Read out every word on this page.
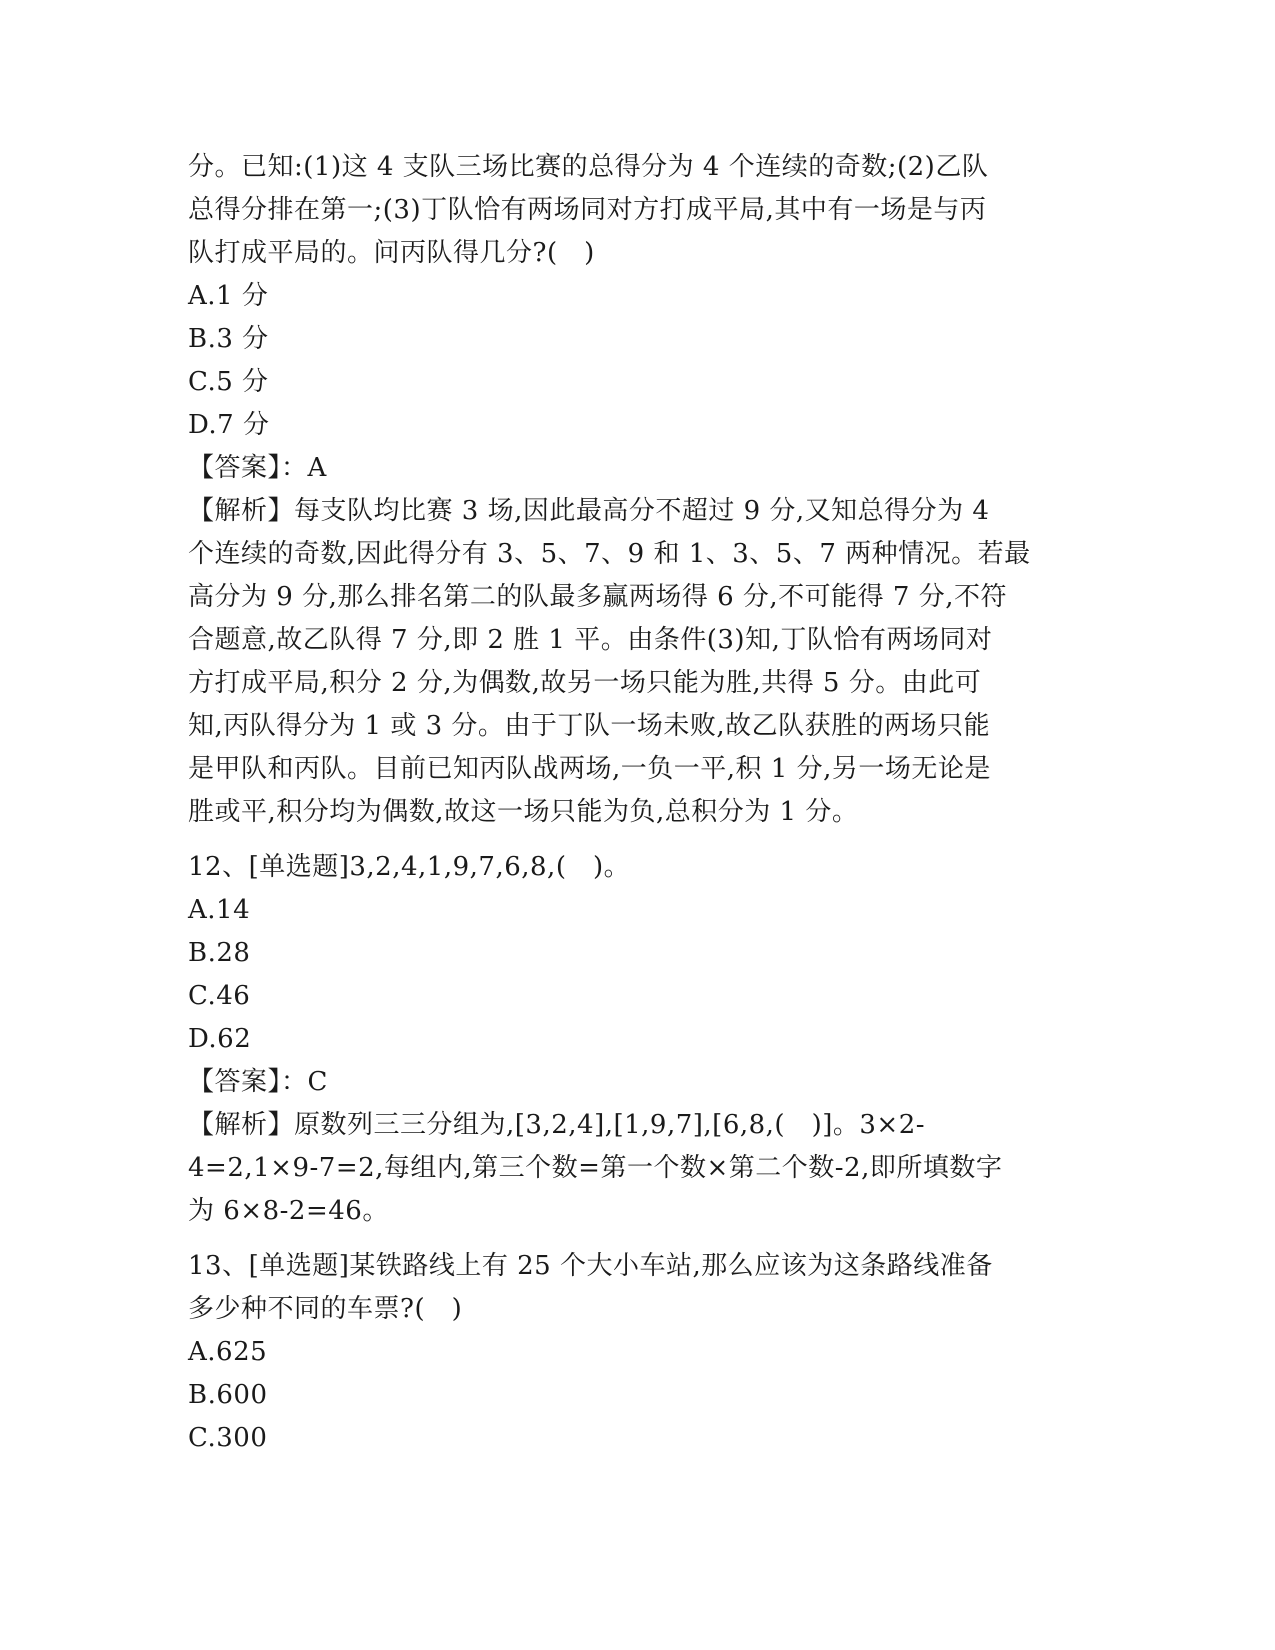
分。已知:(1)这 4 支队三场比赛的总得分为 4 个连续的奇数;(2)乙队
总得分排在第一;(3)丁队恰有两场同对方打成平局,其中有一场是与丙
队打成平局的。问丙队得几分?(　)
A.1 分
B.3 分
C.5 分
D.7 分
【答案】：A
【解析】每支队均比赛 3 场,因此最高分不超过 9 分,又知总得分为 4
个连续的奇数,因此得分有 3、5、7、9 和 1、3、5、7 两种情况。若最
高分为 9 分,那么排名第二的队最多赢两场得 6 分,不可能得 7 分,不符
合题意,故乙队得 7 分,即 2 胜 1 平。由条件(3)知,丁队恰有两场同对
方打成平局,积分 2 分,为偶数,故另一场只能为胜,共得 5 分。由此可
知,丙队得分为 1 或 3 分。由于丁队一场未败,故乙队获胜的两场只能
是甲队和丙队。目前已知丙队战两场,一负一平,积 1 分,另一场无论是
胜或平,积分均为偶数,故这一场只能为负,总积分为 1 分。
12、[单选题]3,2,4,1,9,7,6,8,(　)。
A.14
B.28
C.46
D.62
【答案】：C
【解析】原数列三三分组为,[3,2,4],[1,9,7],[6,8,(　)]。3×2-
4=2,1×9-7=2,每组内,第三个数=第一个数×第二个数-2,即所填数字
为 6×8-2=46。
13、[单选题]某铁路线上有 25 个大小车站,那么应该为这条路线准备
多少种不同的车票?(　)
A.625
B.600
C.300
